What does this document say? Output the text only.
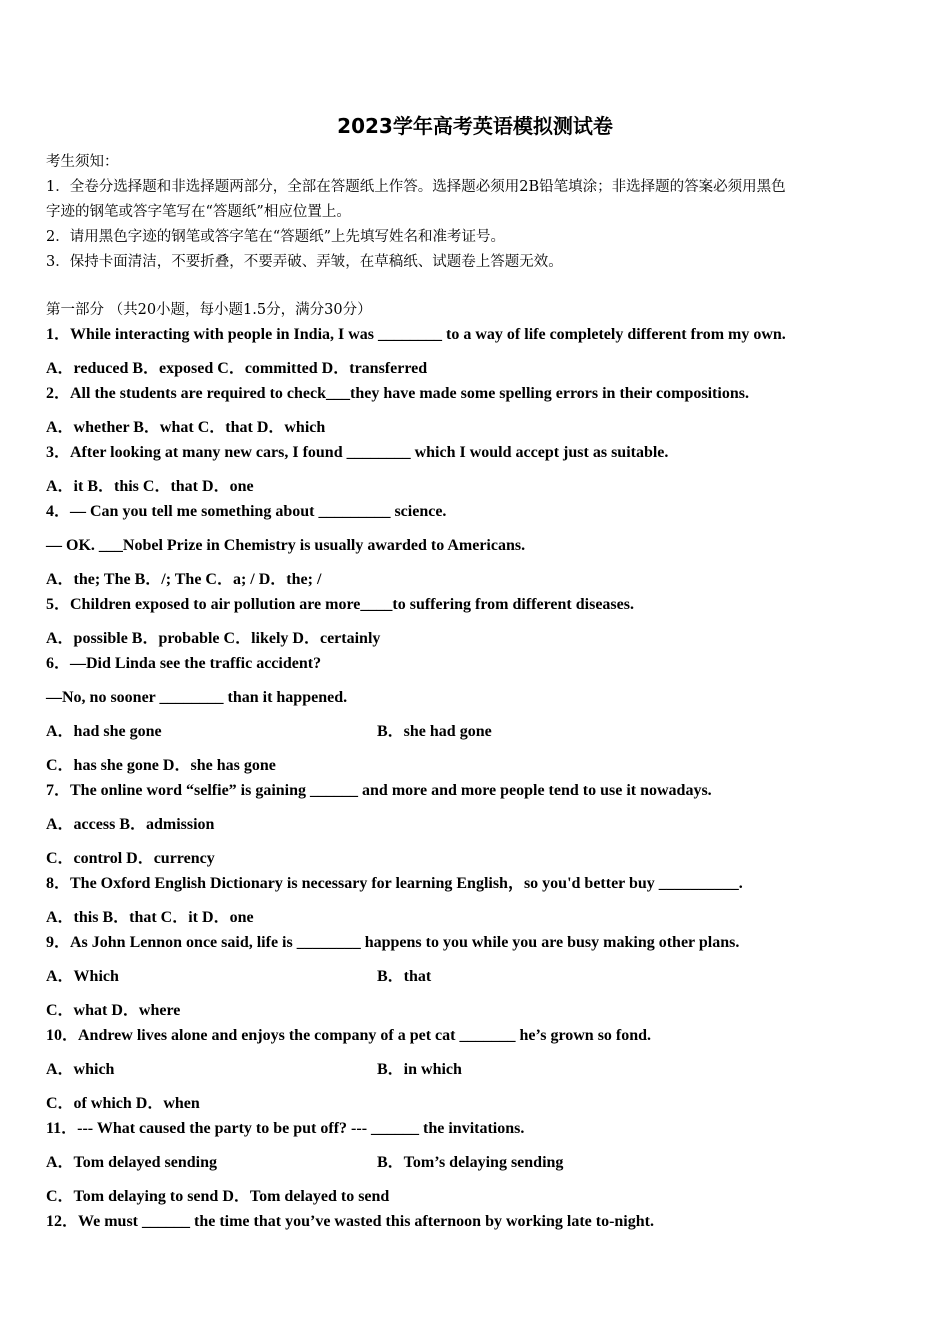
2023学年高考英语模拟测试卷

考生须知：

1．全卷分选择题和非选择题两部分，全部在答题纸上作答。选择题必须用2B铅笔填涂；非选择题的答案必须用黑色

字迹的钢笔或答字笔写在“答题纸”相应位置上。

2．请用黑色字迹的钢笔或答字笔在“答题纸”上先填写姓名和准考证号。

3．保持卡面清洁，不要折叠，不要弄破、弄皱，在草稿纸、试题卷上答题无效。

第一部分 （共20小题，每小题1.5分，满分30分）
1．While interacting with people in India, I was ________ to a way of life completely different from my own.
A．reduced B．exposed C．committed D．transferred
2．All the students are required to check___they have made some spelling errors in their compositions.
A．whether B．what C．that D．which
3．After looking at many new cars, I found ________ which I would accept just as suitable.
A．it B．this C．that D．one
4．— Can you tell me something about _________ science.
— OK. ___Nobel Prize in Chemistry is usually awarded to Americans.
A．the; The B．/; The C．a; / D．the; /
5．Children exposed to air pollution are more____to suffering from different diseases.
A．possible B．probable C．likely D．certainly
6．—Did Linda see the traffic accident?
—No, no sooner ________ than it happened.
A．had she gone	B．she had gone
C．has she gone D．she has gone
7．The online word “selfie” is gaining ______ and more and more people tend to use it nowadays.
A．access B．admission
C．control D．currency
8．The Oxford English Dictionary is necessary for learning English，so you'd better buy __________.
A．this B．that C．it D．one
9．As John Lennon once said, life is ________ happens to you while you are busy making other plans.
A．Which	B．that
C．what D．where
10．Andrew lives alone and enjoys the company of a pet cat _______ he’s grown so fond.
A．which	B．in which
C．of which D．when
11．--- What caused the party to be put off? --- ______ the invitations.
A．Tom delayed sending	B．Tom’s delaying sending
C．Tom delaying to send D．Tom delayed to send
12．We must ______ the time that you’ve wasted this afternoon by working late to-night.
